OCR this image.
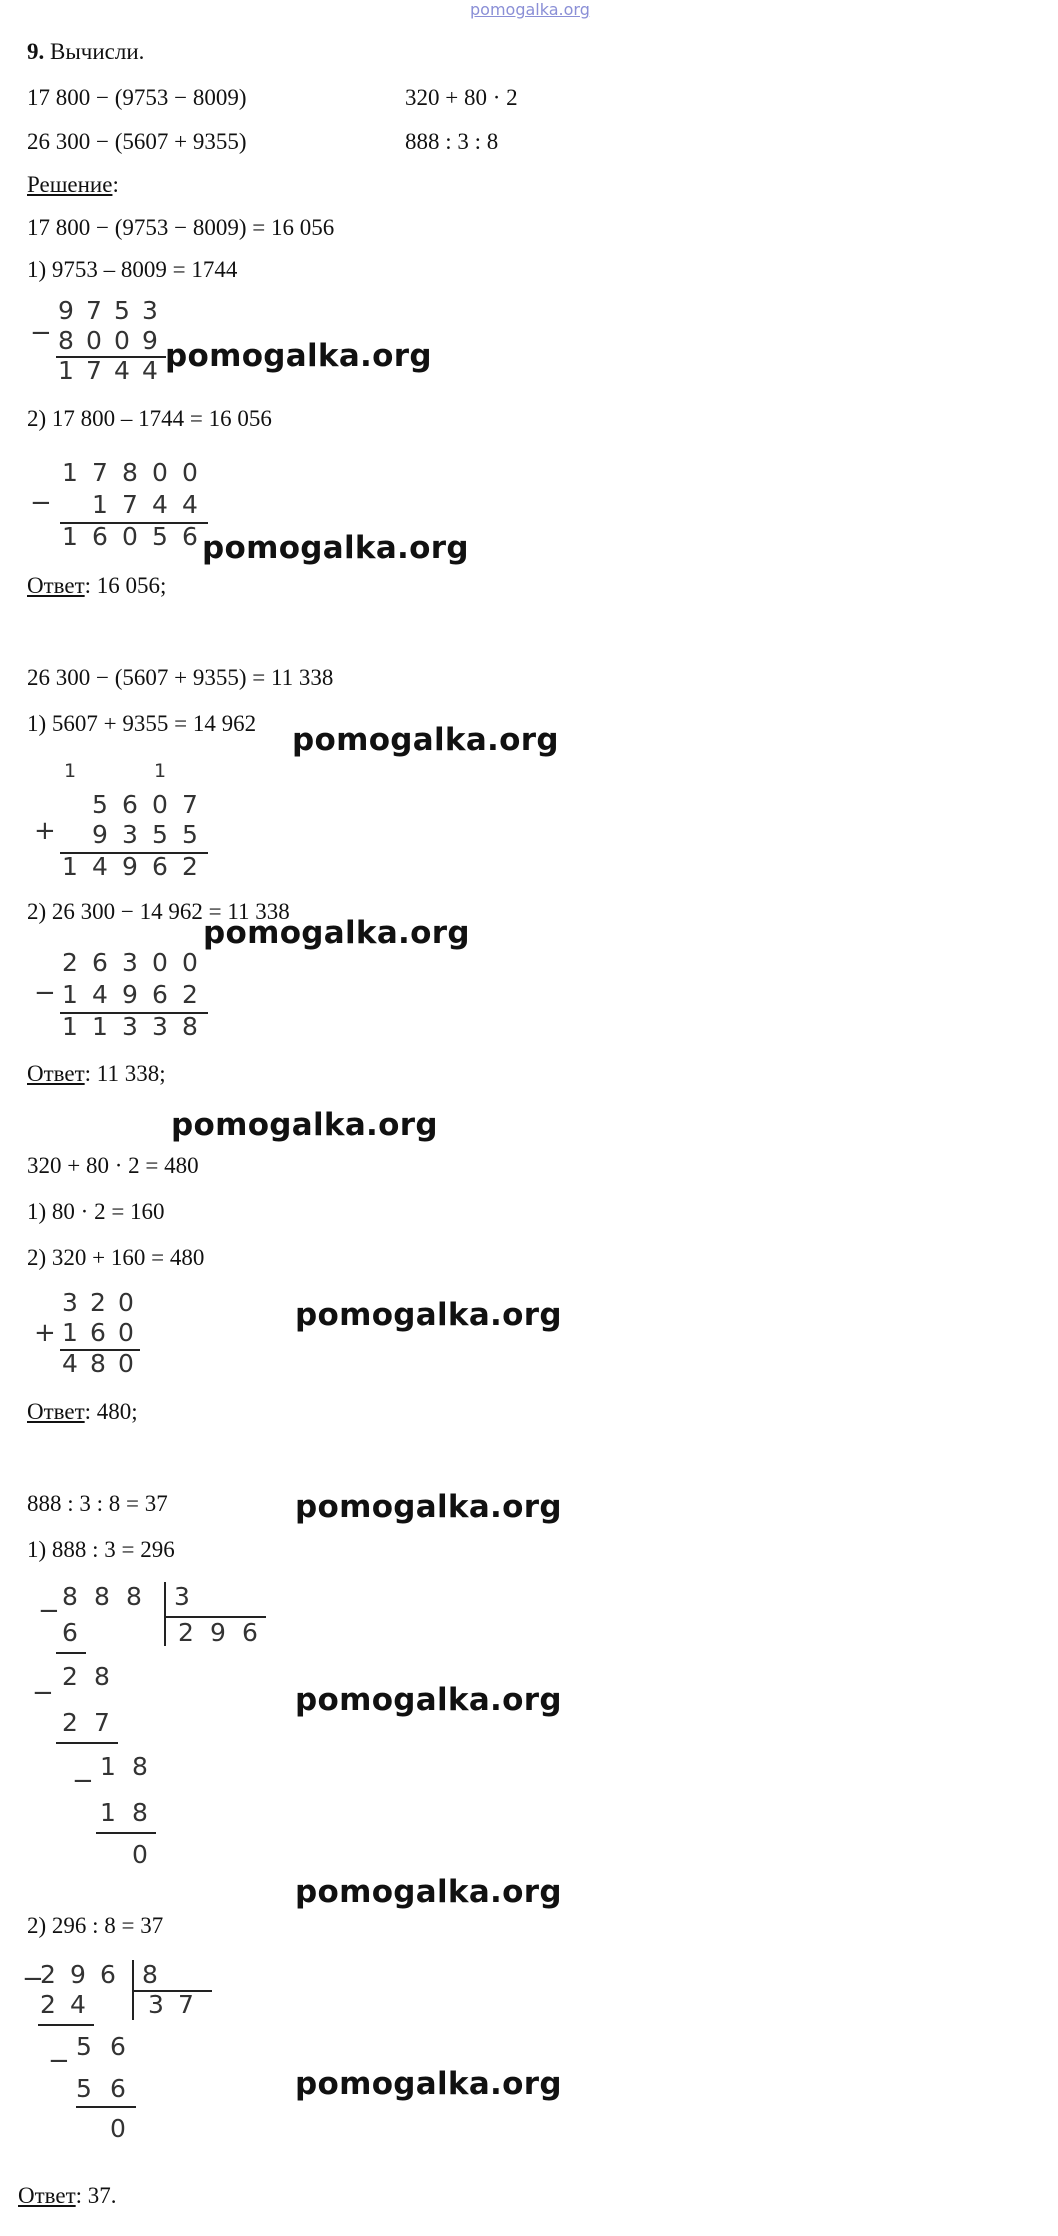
pomogalka.org
9. Вычисли.
17 800 − (9753 − 8009)	320 + 80 · 2
26 300 − (5607 + 9355)	888 : 3 : 8
Решение:
17 800 − (9753 − 8009) = 16 056
1) 9753 – 8009 = 1744
−
9 7 5 3
8 0 0 9
1 7 4 4 pomogalka.org
2) 17 800 – 1744 = 16 056
−
1 7 8 0 0
1 7 4 4
1 6 0 5 6 pomogalka.org
Ответ: 16 056;
26 300 − (5607 + 9355) = 11 338
1) 5607 + 9355 = 14 962 pomogalka.org
1	1
+
5 6 0 7
9 3 5 5
1 4 9 6 2
2) 26 300 − 14 962 = 11 338
pomogalka.org
−
2 6 3 0 0
1 4 9 6 2
1 1 3 3 8
Ответ: 11 338;
pomogalka.org
320 + 80 · 2 = 480
1) 80 · 2 = 160
2) 320 + 160 = 480
+
3 2 0
1 6 0
4 8 0
pomogalka.org
Ответ: 480;
888 : 3 : 8 = 37	pomogalka.org
1) 888 : 3 = 296
− 8 8 8 3
2 9 6
6
−
2 8
2 7
− 1 8
1 8
0
pomogalka.org
pomogalka.org
2) 296 : 8 = 37
−
2 9 6 8
3 7
2 4
− 5 6
5 6
0
pomogalka.org
Ответ: 37.
